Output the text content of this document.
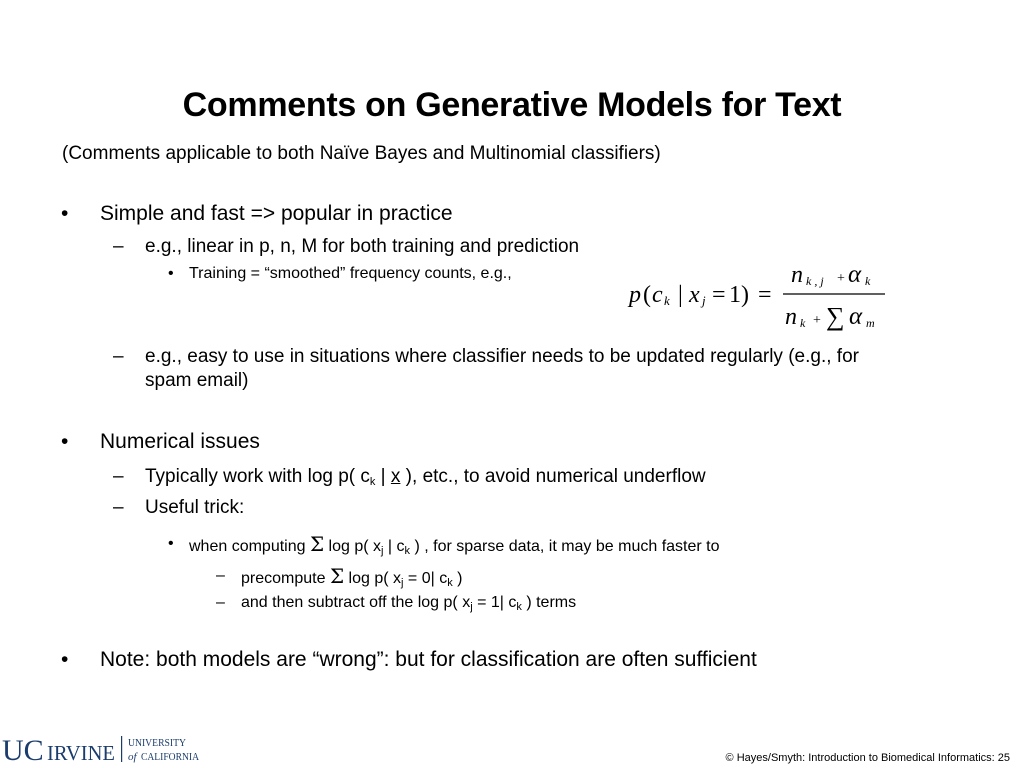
Comments on Generative Models for Text
(Comments applicable to both Naïve Bayes and Multinomial classifiers)
• Simple and fast => popular in practice
– e.g., linear in p, n, M for both training and prediction
• Training = “smoothed” frequency counts, e.g.,
p ( c k | x j = 1 ) =
n k , j + α k
n k + ∑ α m
– e.g., easy to use in situations where classifier needs to be updated regularly (e.g., for
spam email)
• Numerical issues
– Typically work with log p( $c_k$ | x ), etc., to avoid numerical underflow
– Useful trick:
• when computing Σ log p( $x_j$ | $c_k$ ) , for sparse data, it may be much faster to
– precompute Σ log p( $x_j = 0|$ $c_k$ )
– and then subtract off the log p( $x_j = 1|$ $c_k$ ) terms
• Note: both models are “wrong”: but for classification are often sufficient
UC IRVINE UNIVERSITY
of CALIFORNIA	© Hayes/Smyth: Introduction to Biomedical Informatics: 25
